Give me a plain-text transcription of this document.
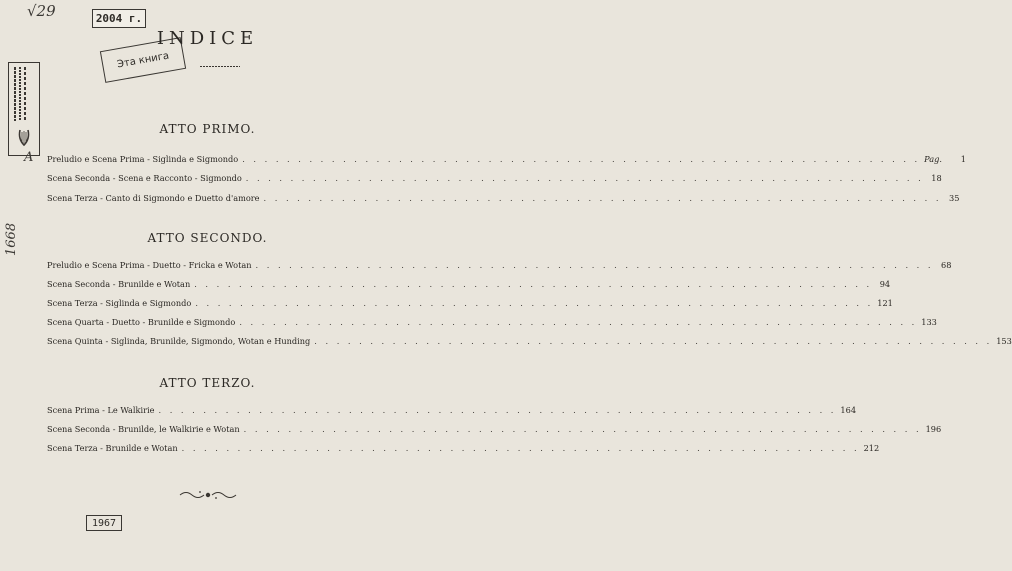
√29	2004 г.
Эта книга
A
1668
INDICE
ATTO PRIMO.
Preludio e Scena Prima - Siglinda e Sigmondo . . . . . . . . . . . . . . . . . . . . . . . . . . . . . . . . . . . . . . . . . . . . . . . . . . . . . . . . . . . . . Pag.	1
Scena Seconda - Scena e Racconto - Sigmondo . . . . . . . . . . . . . . . . . . . . . . . . . . . . . . . . . . . . . . . . . . . . . . . . . . . . . . . . . . . . . 18
Scena Terza - Canto di Sigmondo e Duetto d'amore . . . . . . . . . . . . . . . . . . . . . . . . . . . . . . . . . . . . . . . . . . . . . . . . . . . . . . . . . . . . . 35
ATTO SECONDO.
Preludio e Scena Prima - Duetto - Fricka e Wotan . . . . . . . . . . . . . . . . . . . . . . . . . . . . . . . . . . . . . . . . . . . . . . . . . . . . . . . . . . . . . 68
Scena Seconda - Brunilde e Wotan . . . . . . . . . . . . . . . . . . . . . . . . . . . . . . . . . . . . . . . . . . . . . . . . . . . . . . . . . . . . . 94
Scena Terza - Siglinda e Sigmondo . . . . . . . . . . . . . . . . . . . . . . . . . . . . . . . . . . . . . . . . . . . . . . . . . . . . . . . . . . . . . 121
Scena Quarta - Duetto - Brunilde e Sigmondo . . . . . . . . . . . . . . . . . . . . . . . . . . . . . . . . . . . . . . . . . . . . . . . . . . . . . . . . . . . . . 133
Scena Quinta - Siglinda, Brunilde, Sigmondo, Wotan e Hunding . . . . . . . . . . . . . . . . . . . . . . . . . . . . . . . . . . . . . . . . . . . . . . . . . . . . . . . . . . . . . 153
ATTO TERZO.
Scena Prima - Le Walkirie . . . . . . . . . . . . . . . . . . . . . . . . . . . . . . . . . . . . . . . . . . . . . . . . . . . . . . . . . . . . . 164
Scena Seconda - Brunilde, le Walkirie e Wotan . . . . . . . . . . . . . . . . . . . . . . . . . . . . . . . . . . . . . . . . . . . . . . . . . . . . . . . . . . . . . 196
Scena Terza - Brunilde e Wotan . . . . . . . . . . . . . . . . . . . . . . . . . . . . . . . . . . . . . . . . . . . . . . . . . . . . . . . . . . . . . 212
1967
